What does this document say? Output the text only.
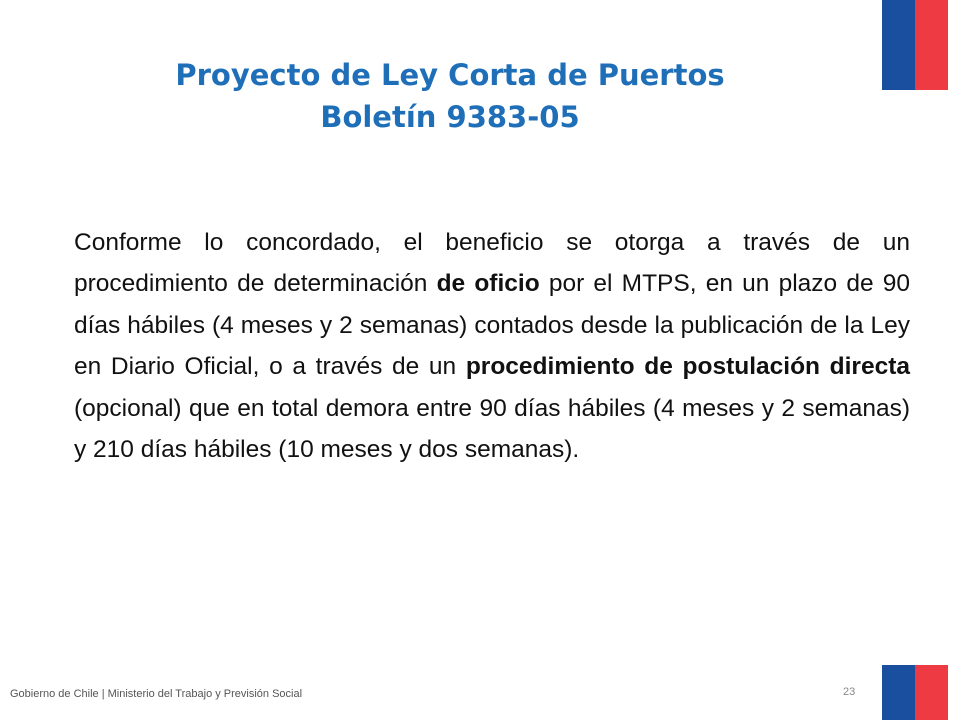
Proyecto de Ley Corta de Puertos
Boletín 9383-05

Conforme lo concordado, el beneficio se otorga a través de un procedimiento de determinación de oficio por el MTPS, en un plazo de 90 días hábiles (4 meses y 2 semanas) contados desde la publicación de la Ley en Diario Oficial, o a través de un procedimiento de postulación directa (opcional) que en total demora entre 90 días hábiles (4 meses y 2 semanas) y 210 días hábiles (10 meses y dos semanas).

Gobierno de Chile | Ministerio del Trabajo y Previsión Social	23
